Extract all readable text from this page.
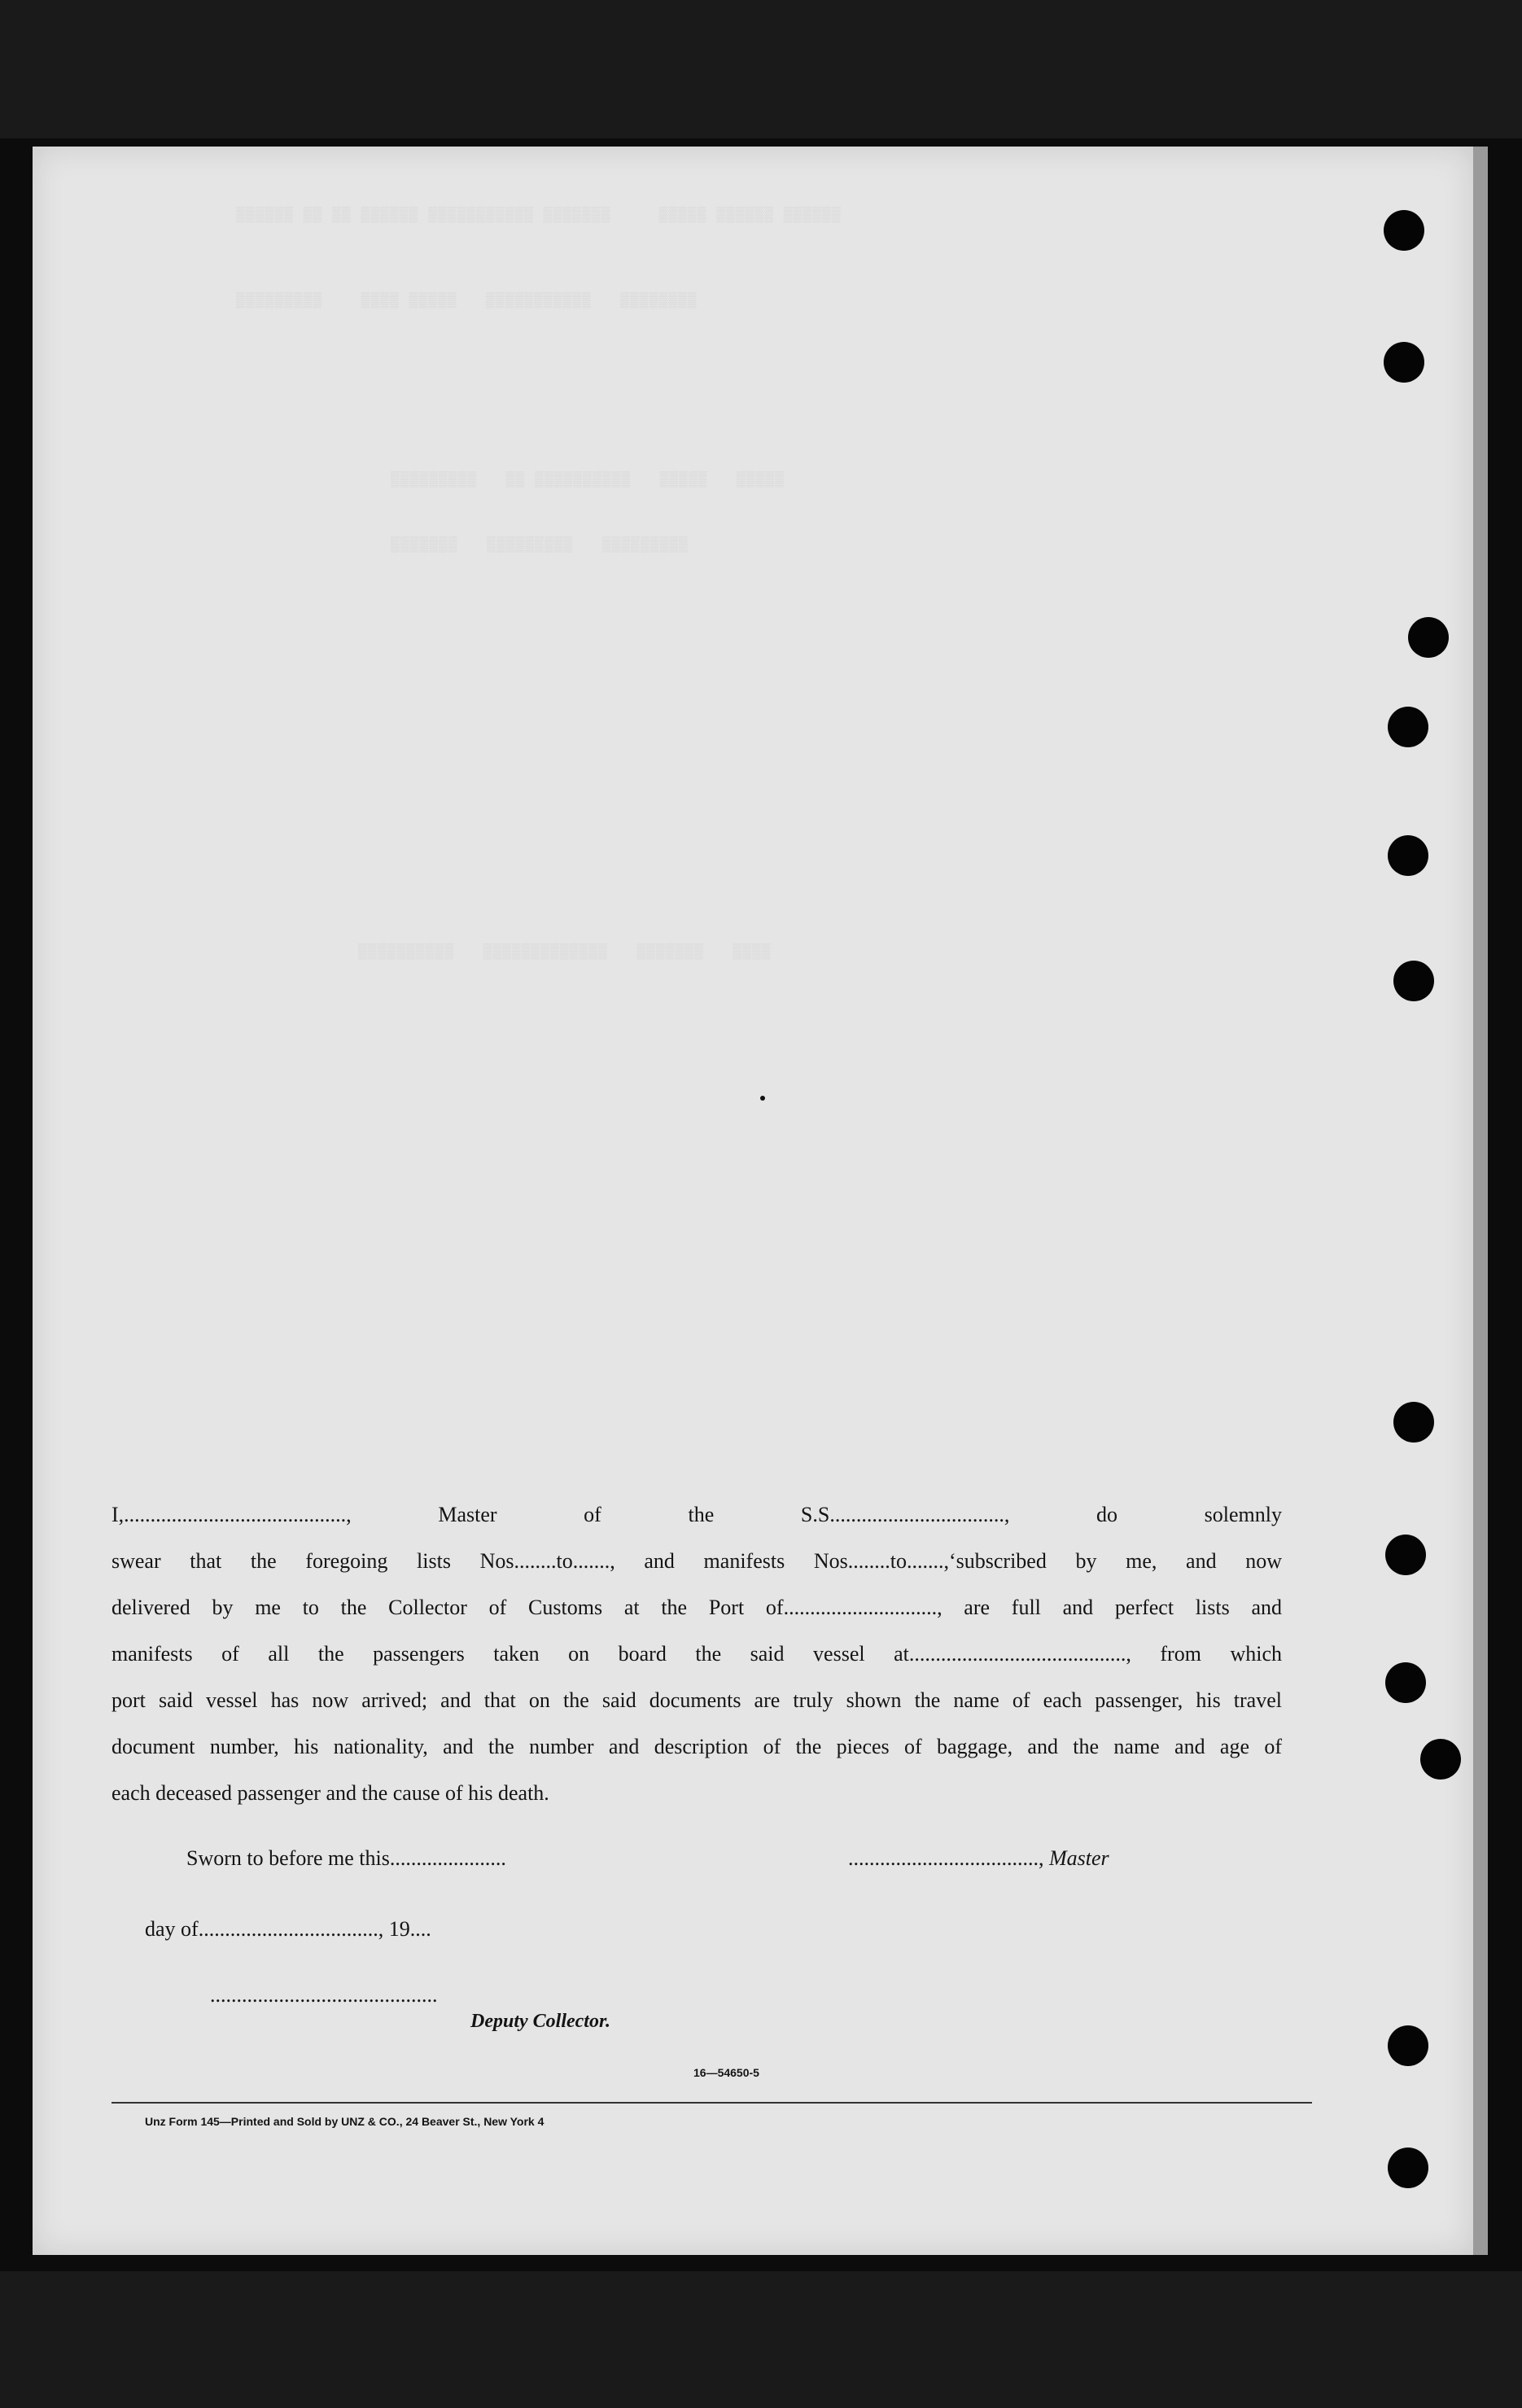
▒▒▒▒▒▒ ▒▒ ▒▒ ▒▒▒▒▒▒ ▒▒▒▒▒▒▒▒▒▒▒ ▒▒▒▒▒▒▒     ▒▒▒▒▒ ▒▒▒▒▒▒ ▒▒▒▒▒▒
▒▒▒▒▒▒▒▒▒    ▒▒▒▒ ▒▒▒▒▒   ▒▒▒▒▒▒▒▒▒▒▒   ▒▒▒▒▒▒▒▒
▒▒▒▒▒▒▒▒▒   ▒▒ ▒▒▒▒▒▒▒▒▒▒   ▒▒▒▒▒   ▒▒▒▒▒
▒▒▒▒▒▒▒   ▒▒▒▒▒▒▒▒▒   ▒▒▒▒▒▒▒▒▒
▒▒▒▒▒▒▒▒▒▒   ▒▒▒▒▒▒▒▒▒▒▒▒▒   ▒▒▒▒▒▒▒   ▒▒▒▒

I,.........................................., Master of the S.S................................., do solemnly

swear that the foregoing lists Nos........to......., and manifests Nos........to.......,‘subscribed by me, and now

delivered by me to the Collector of Customs at the Port of............................., are full and perfect lists and

manifests of all the passengers taken on board the said vessel at........................................., from which

port said vessel has now arrived; and that on the said documents are truly shown the name of each passenger, his travel

document number, his nationality, and the number and description of the pieces of baggage, and the name and age of

each deceased passenger and the cause of his death.

Sworn to before me this......................	...................................., Master
day of.................................., 19....
...........................................
Deputy Collector.
16—54650-5
Unz Form 145—Printed and Sold by UNZ & CO., 24 Beaver St., New York 4
